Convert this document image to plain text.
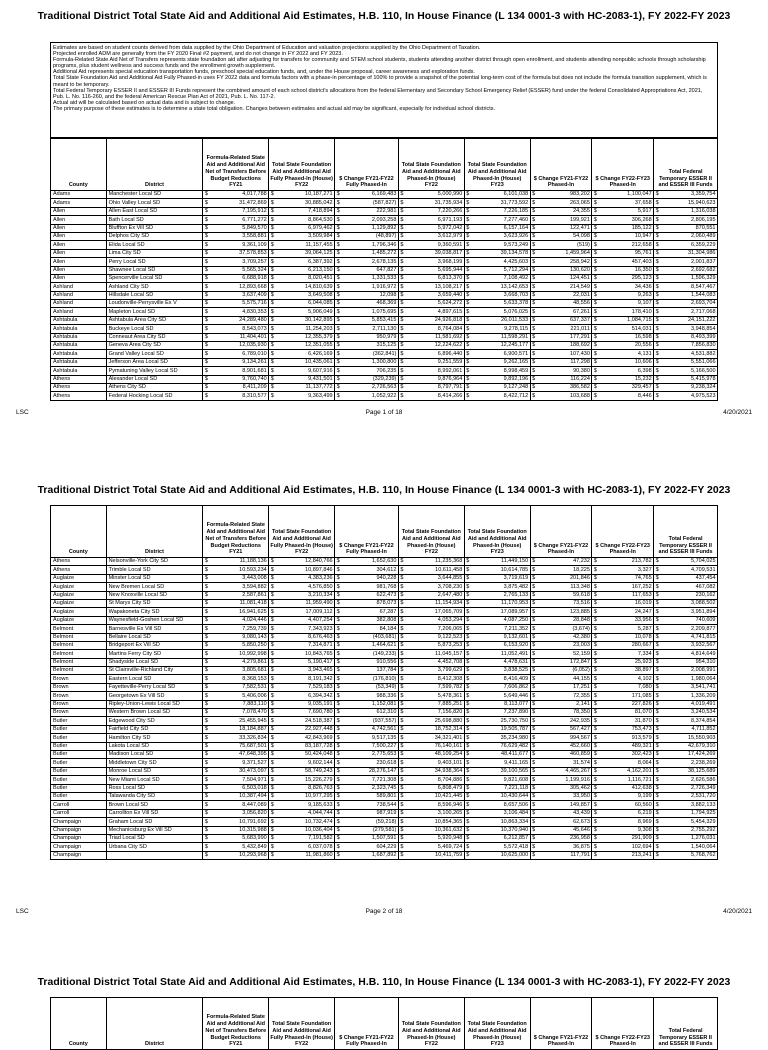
Traditional District Total State Aid and Additional Aid Estimates, H.B. 110, In House Finance (L 134 0001-3 with HC-2083-1), FY 2022-FY 2023

Estimates are based on student counts derived from data supplied by the Ohio Department of Education and valuation projections supplied by the Ohio Department of Taxation.

Projected enrolled ADM are generally from the FY 2020 Final #2 payment, and do not change in FY 2022 and FY 2023.

Formula-Related State Aid Net of Transfers represents state foundation aid after adjusting for transfers for community and STEM school students, students attending another district through open enrollment, and students attending nonpublic schools through scholarship programs, plus student wellness and success funds and the enrollment growth supplement.

Additional Aid represents special education transportation funds, preschool special education funds, and, under the House proposal, career awareness and exploration funds.

Total State Foundation Aid and Additional Aid Fully Phased-in uses FY 2022 data and formula factors with a phase-in percentage of 100% to provide a snapshot of the potential long-term cost of the formula but does not include the formula transition supplement, which is meant to be temporary.

Total Federal Temporary ESSER II and ESSER III Funds represent the combined amount of each school district's allocations from the federal Elementary and Secondary School Emergency Relief (ESSER) fund under the federal Consolidated Appropriations Act, 2021, Pub. L. No. 116-260, and the federal American Rescue Plan Act of 2021, Pub. L. No. 117-2.

Actual aid will be calculated based on actual data and is subject to change.

The primary purpose of these estimates is to determine a state total obligation. Changes between estimates and actual aid may be significant, especially for individual school districts.

County	District	Formula-Related State Aid and Additional Aid Net of Transfers Before Budget Reductions FY21	Total State Foundation Aid and Additional Aid Fully Phased-In (House) FY22	$ Change FY21-FY22 Fully Phased-In	Total State Foundation Aid and Additional Aid Phased-In (House) FY22	Total State Foundation Aid and Additional Aid Phased-In (House) FY23	$ Change FY21-FY22 Phased-In	$ Change FY22-FY23 Phased-In	Total Federal Temporary ESSER II and ESSER III Funds
Adams	Manchester Local SD	$ 4,017,788	$ 10,187,271	$ 6,169,483	$ 5,000,990	$ 6,101,038	$ 983,202	$ 1,100,047	$ 3,359,754
Adams	Ohio Valley Local SD	$ 31,472,869	$ 30,885,042	$ (587,827)	$ 31,735,934	$ 31,773,592	$ 263,065	$ 37,658	$ 15,940,623
Allen	Allen East Local SD	$ 7,195,912	$ 7,418,894	$ 222,981	$ 7,220,266	$ 7,226,185	$ 24,355	$ 5,917	$ 1,316,038
Allen	Bath Local SD	$ 6,771,272	$ 8,864,530	$ 2,093,258	$ 6,971,193	$ 7,277,460	$ 199,921	$ 306,268	$ 2,806,195
Allen	Bluffton Ex Vill SD	$ 5,849,570	$ 6,979,462	$ 1,129,892	$ 5,972,042	$ 6,157,164	$ 122,471	$ 185,122	$ 870,551
Allen	Delphos City SD	$ 3,558,881	$ 3,509,984	$ (48,897)	$ 3,612,979	$ 3,623,926	$ 54,098	$ 10,947	$ 2,060,489
Allen	Elida Local SD	$ 9,361,109	$ 11,157,455	$ 1,796,346	$ 9,360,591	$ 9,573,249	$ (519)	$ 212,658	$ 6,359,229
Allen	Lima City SD	$ 37,578,853	$ 39,064,125	$ 1,485,272	$ 39,038,817	$ 39,134,578	$ 1,459,964	$ 95,761	$ 31,304,986
Allen	Perry Local SD	$ 3,709,257	$ 6,387,392	$ 2,678,135	$ 3,968,199	$ 4,425,603	$ 258,942	$ 457,403	$ 2,001,837
Allen	Shawnee Local SD	$ 5,565,324	$ 6,213,150	$ 647,827	$ 5,695,944	$ 5,712,294	$ 130,620	$ 16,350	$ 2,692,682
Allen	Spencerville Local SD	$ 6,688,918	$ 8,020,451	$ 1,331,533	$ 6,813,370	$ 7,108,492	$ 124,451	$ 295,123	$ 1,596,329
Ashland	Ashland City SD	$ 12,893,668	$ 14,810,639	$ 1,916,972	$ 13,108,217	$ 13,142,653	$ 214,549	$ 34,436	$ 8,547,467
Ashland	Hillsdale Local SD	$ 3,637,409	$ 3,649,508	$ 12,098	$ 3,659,440	$ 3,668,703	$ 22,031	$ 9,263	$ 1,544,083
Ashland	Loudonville-Perrysville Ex V	$ 5,575,716	$ 6,044,085	$ 468,369	$ 5,624,272	$ 5,633,378	$ 48,556	$ 9,107	$ 2,693,704
Ashland	Mapleton Local SD	$ 4,830,353	$ 5,906,049	$ 1,075,695	$ 4,897,615	$ 5,076,025	$ 67,261	$ 178,410	$ 2,717,068
Ashtabula	Ashtabula Area City SD	$ 24,289,480	$ 30,142,895	$ 5,853,415	$ 24,926,818	$ 26,011,533	$ 637,337	$ 1,084,715	$ 24,151,222
Ashtabula	Buckeye Local SD	$ 8,543,073	$ 11,254,203	$ 2,711,130	$ 8,764,084	$ 9,278,115	$ 221,011	$ 514,031	$ 3,948,854
Ashtabula	Conneaut Area City SD	$ 11,404,401	$ 12,355,379	$ 950,979	$ 11,581,692	$ 11,598,291	$ 177,291	$ 16,598	$ 8,493,399
Ashtabula	Geneva Area City SD	$ 12,035,930	$ 12,351,055	$ 315,125	$ 12,224,622	$ 12,245,177	$ 188,692	$ 20,556	$ 7,856,830
Ashtabula	Grand Valley Local SD	$ 6,789,010	$ 6,426,169	$ (362,841)	$ 6,896,440	$ 6,900,571	$ 107,430	$ 4,131	$ 4,531,882
Ashtabula	Jefferson Area Local SD	$ 9,134,261	$ 10,435,061	$ 1,300,800	$ 9,251,559	$ 9,262,165	$ 117,298	$ 10,606	$ 5,551,066
Ashtabula	Pymatuning Valley Local SD	$ 8,901,681	$ 9,607,916	$ 706,235	$ 8,992,061	$ 8,998,459	$ 90,380	$ 6,398	$ 5,166,500
Athens	Alexander Local SD	$ 9,760,740	$ 9,431,501	$ (329,239)	$ 9,876,964	$ 9,892,196	$ 116,224	$ 15,232	$ 5,415,978
Athens	Athens City SD	$ 8,411,209	$ 11,137,772	$ 2,726,563	$ 8,797,791	$ 9,127,248	$ 386,582	$ 329,457	$ 9,238,324
Athens	Federal Hocking Local SD	$ 8,310,577	$ 9,363,499	$ 1,052,922	$ 8,414,266	$ 8,422,712	$ 103,688	$ 8,446	$ 4,975,523
LSC	Page 1 of 18	4/20/2021
Traditional District Total State Aid and Additional Aid Estimates, H.B. 110, In House Finance (L 134 0001-3 with HC-2083-1), FY 2022-FY 2023
County	District	Formula-Related State Aid and Additional Aid Net of Transfers Before Budget Reductions FY21	Total State Foundation Aid and Additional Aid Fully Phased-In (House) FY22	$ Change FY21-FY22 Fully Phased-In	Total State Foundation Aid and Additional Aid Phased-In (House) FY22	Total State Foundation Aid and Additional Aid Phased-In (House) FY23	$ Change FY21-FY22 Phased-In	$ Change FY22-FY23 Phased-In	Total Federal Temporary ESSER II and ESSER III Funds
Athens	Nelsonville-York City SD	$ 11,188,136	$ 12,840,766	$ 1,652,630	$ 11,235,368	$ 11,449,150	$ 47,232	$ 213,782	$ 5,704,025
Athens	Trimble Local SD	$ 10,593,234	$ 10,897,846	$ 304,612	$ 10,611,458	$ 10,614,785	$ 18,225	$ 3,327	$ 4,709,531
Auglaize	Minster Local SD	$ 3,443,008	$ 4,383,236	$ 940,228	$ 3,644,855	$ 3,719,619	$ 201,846	$ 74,765	$ 437,454
Auglaize	New Bremen Local SD	$ 3,594,882	$ 4,576,850	$ 981,768	$ 3,708,230	$ 3,875,482	$ 113,348	$ 167,252	$ 467,082
Auglaize	New Knoxville Local SD	$ 2,587,861	$ 3,210,334	$ 622,473	$ 2,647,480	$ 2,765,133	$ 59,618	$ 117,653	$ 230,162
Auglaize	St Marys City SD	$ 11,081,418	$ 11,959,490	$ 878,073	$ 11,154,934	$ 11,170,953	$ 73,516	$ 16,019	$ 3,088,502
Auglaize	Wapakoneta City SD	$ 16,941,625	$ 17,009,112	$ 67,287	$ 17,065,709	$ 17,089,957	$ 123,885	$ 24,247	$ 3,951,894
Auglaize	Waynesfield-Goshen Local SD	$ 4,024,446	$ 4,407,254	$ 382,808	$ 4,053,294	$ 4,087,250	$ 28,848	$ 33,956	$ 740,609
Belmont	Barnesville Ex Vill SD	$ 7,259,739	$ 7,343,923	$ 84,184	$ 7,206,065	$ 7,211,352	$ (3,674)	$ 5,287	$ 2,209,877
Belmont	Bellaire Local SD	$ 9,080,143	$ 8,676,463	$ (403,681)	$ 9,122,523	$ 9,132,601	$ 42,380	$ 10,078	$ 4,741,815
Belmont	Bridgeport Ex Vill SD	$ 5,850,250	$ 7,314,871	$ 1,464,621	$ 5,873,253	$ 6,153,920	$ 23,003	$ 280,667	$ 3,932,567
Belmont	Martins Ferry City SD	$ 10,992,998	$ 10,843,765	$ (149,233)	$ 11,045,157	$ 11,052,491	$ 52,159	$ 7,334	$ 4,814,649
Belmont	Shadyside Local SD	$ 4,279,861	$ 5,190,417	$ 910,556	$ 4,452,708	$ 4,478,631	$ 172,847	$ 25,923	$ 954,310
Belmont	St Clairsville-Richland City	$ 3,805,681	$ 3,943,465	$ 137,784	$ 3,799,629	$ 3,838,525	$ (6,052)	$ 38,897	$ 2,008,991
Brown	Eastern Local SD	$ 8,368,153	$ 8,191,342	$ (176,810)	$ 8,412,308	$ 8,416,409	$ 44,155	$ 4,102	$ 1,980,064
Brown	Fayetteville-Perry Local SD	$ 7,582,531	$ 7,529,183	$ (53,349)	$ 7,599,782	$ 7,606,862	$ 17,251	$ 7,080	$ 3,541,741
Brown	Georgetown Ex Vill SD	$ 5,406,006	$ 6,394,342	$ 988,336	$ 5,478,361	$ 5,649,446	$ 72,355	$ 171,085	$ 1,336,209
Brown	Ripley-Union-Lewis Local SD	$ 7,883,110	$ 9,035,191	$ 1,152,081	$ 7,885,251	$ 8,113,077	$ 2,141	$ 227,826	$ 4,019,491
Brown	Western Brown Local SD	$ 7,078,470	$ 7,690,780	$ 612,310	$ 7,156,820	$ 7,237,890	$ 78,350	$ 81,070	$ 3,240,534
Butler	Edgewood City SD	$ 25,455,945	$ 24,518,387	$ (937,557)	$ 25,698,880	$ 25,730,750	$ 242,935	$ 31,870	$ 8,374,854
Butler	Fairfield City SD	$ 18,184,887	$ 22,927,448	$ 4,742,561	$ 18,752,314	$ 19,505,787	$ 567,427	$ 753,473	$ 4,711,852
Butler	Hamilton City SD	$ 33,326,834	$ 42,843,969	$ 9,517,135	$ 34,321,401	$ 35,234,980	$ 994,567	$ 913,579	$ 15,550,903
Butler	Lakota Local SD	$ 75,687,501	$ 83,187,728	$ 7,500,227	$ 76,140,161	$ 76,629,482	$ 452,660	$ 489,321	$ 42,679,310
Butler	Madison Local SD	$ 47,648,395	$ 50,424,048	$ 2,775,653	$ 48,109,254	$ 48,411,677	$ 460,859	$ 302,423	$ 17,424,269
Butler	Middletown City SD	$ 9,371,527	$ 9,602,144	$ 230,618	$ 9,403,101	$ 9,411,165	$ 31,574	$ 8,064	$ 2,238,269
Butler	Monroe Local SD	$ 30,473,097	$ 58,749,243	$ 28,276,147	$ 34,938,364	$ 39,100,565	$ 4,465,267	$ 4,162,201	$ 38,125,689
Butler	New Miami Local SD	$ 7,504,971	$ 15,226,279	$ 7,721,308	$ 8,704,886	$ 9,821,608	$ 1,199,916	$ 1,116,721	$ 2,626,586
Butler	Ross Local SD	$ 6,503,018	$ 8,826,763	$ 2,323,745	$ 6,808,479	$ 7,221,118	$ 305,462	$ 412,638	$ 2,726,349
Butler	Talawanda City SD	$ 10,387,494	$ 10,977,295	$ 589,801	$ 10,421,445	$ 10,430,644	$ 33,950	$ 9,199	$ 2,531,720
Carroll	Brown Local SD	$ 8,447,089	$ 9,185,633	$ 738,544	$ 8,596,946	$ 8,657,506	$ 149,857	$ 60,560	$ 3,882,133
Carroll	Carrollton Ex Vill SD	$ 3,056,820	$ 4,044,744	$ 987,919	$ 3,100,265	$ 3,106,484	$ 43,439	$ 6,219	$ 1,794,925
Champaign	Graham Local SD	$ 10,791,692	$ 10,732,474	$ (59,218)	$ 10,854,365	$ 10,863,334	$ 62,673	$ 8,969	$ 5,454,329
Champaign	Mechanicsburg Ex Vill SD	$ 10,315,988	$ 10,036,404	$ (279,581)	$ 10,361,632	$ 10,370,940	$ 45,646	$ 9,308	$ 2,755,292
Champaign	Triad Local SD	$ 5,683,990	$ 7,191,582	$ 1,507,591	$ 5,920,948	$ 6,212,857	$ 236,958	$ 291,909	$ 1,276,031
Champaign	Urbana City SD	$ 5,432,849	$ 6,037,078	$ 604,229	$ 5,469,724	$ 5,572,418	$ 36,875	$ 102,694	$ 1,540,064
Champaign		$ 10,293,968	$ 11,981,860	$ 1,687,892	$ 10,411,759	$ 10,625,000	$ 117,791	$ 213,241	$ 5,768,762
LSC	Page 2 of 18	4/20/2021
Traditional District Total State Aid and Additional Aid Estimates, H.B. 110, In House Finance (L 134 0001-3 with HC-2083-1), FY 2022-FY 2023
County	District	Formula-Related State Aid and Additional Aid Net of Transfers Before Budget Reductions FY21	Total State Foundation Aid and Additional Aid Fully Phased-In (House) FY22	$ Change FY21-FY22 Fully Phased-In	Total State Foundation Aid and Additional Aid Phased-In (House) FY22	Total State Foundation Aid and Additional Aid Phased-In (House) FY23	$ Change FY21-FY22 Phased-In	$ Change FY22-FY23 Phased-In	Total Federal Temporary ESSER II and ESSER III Funds
